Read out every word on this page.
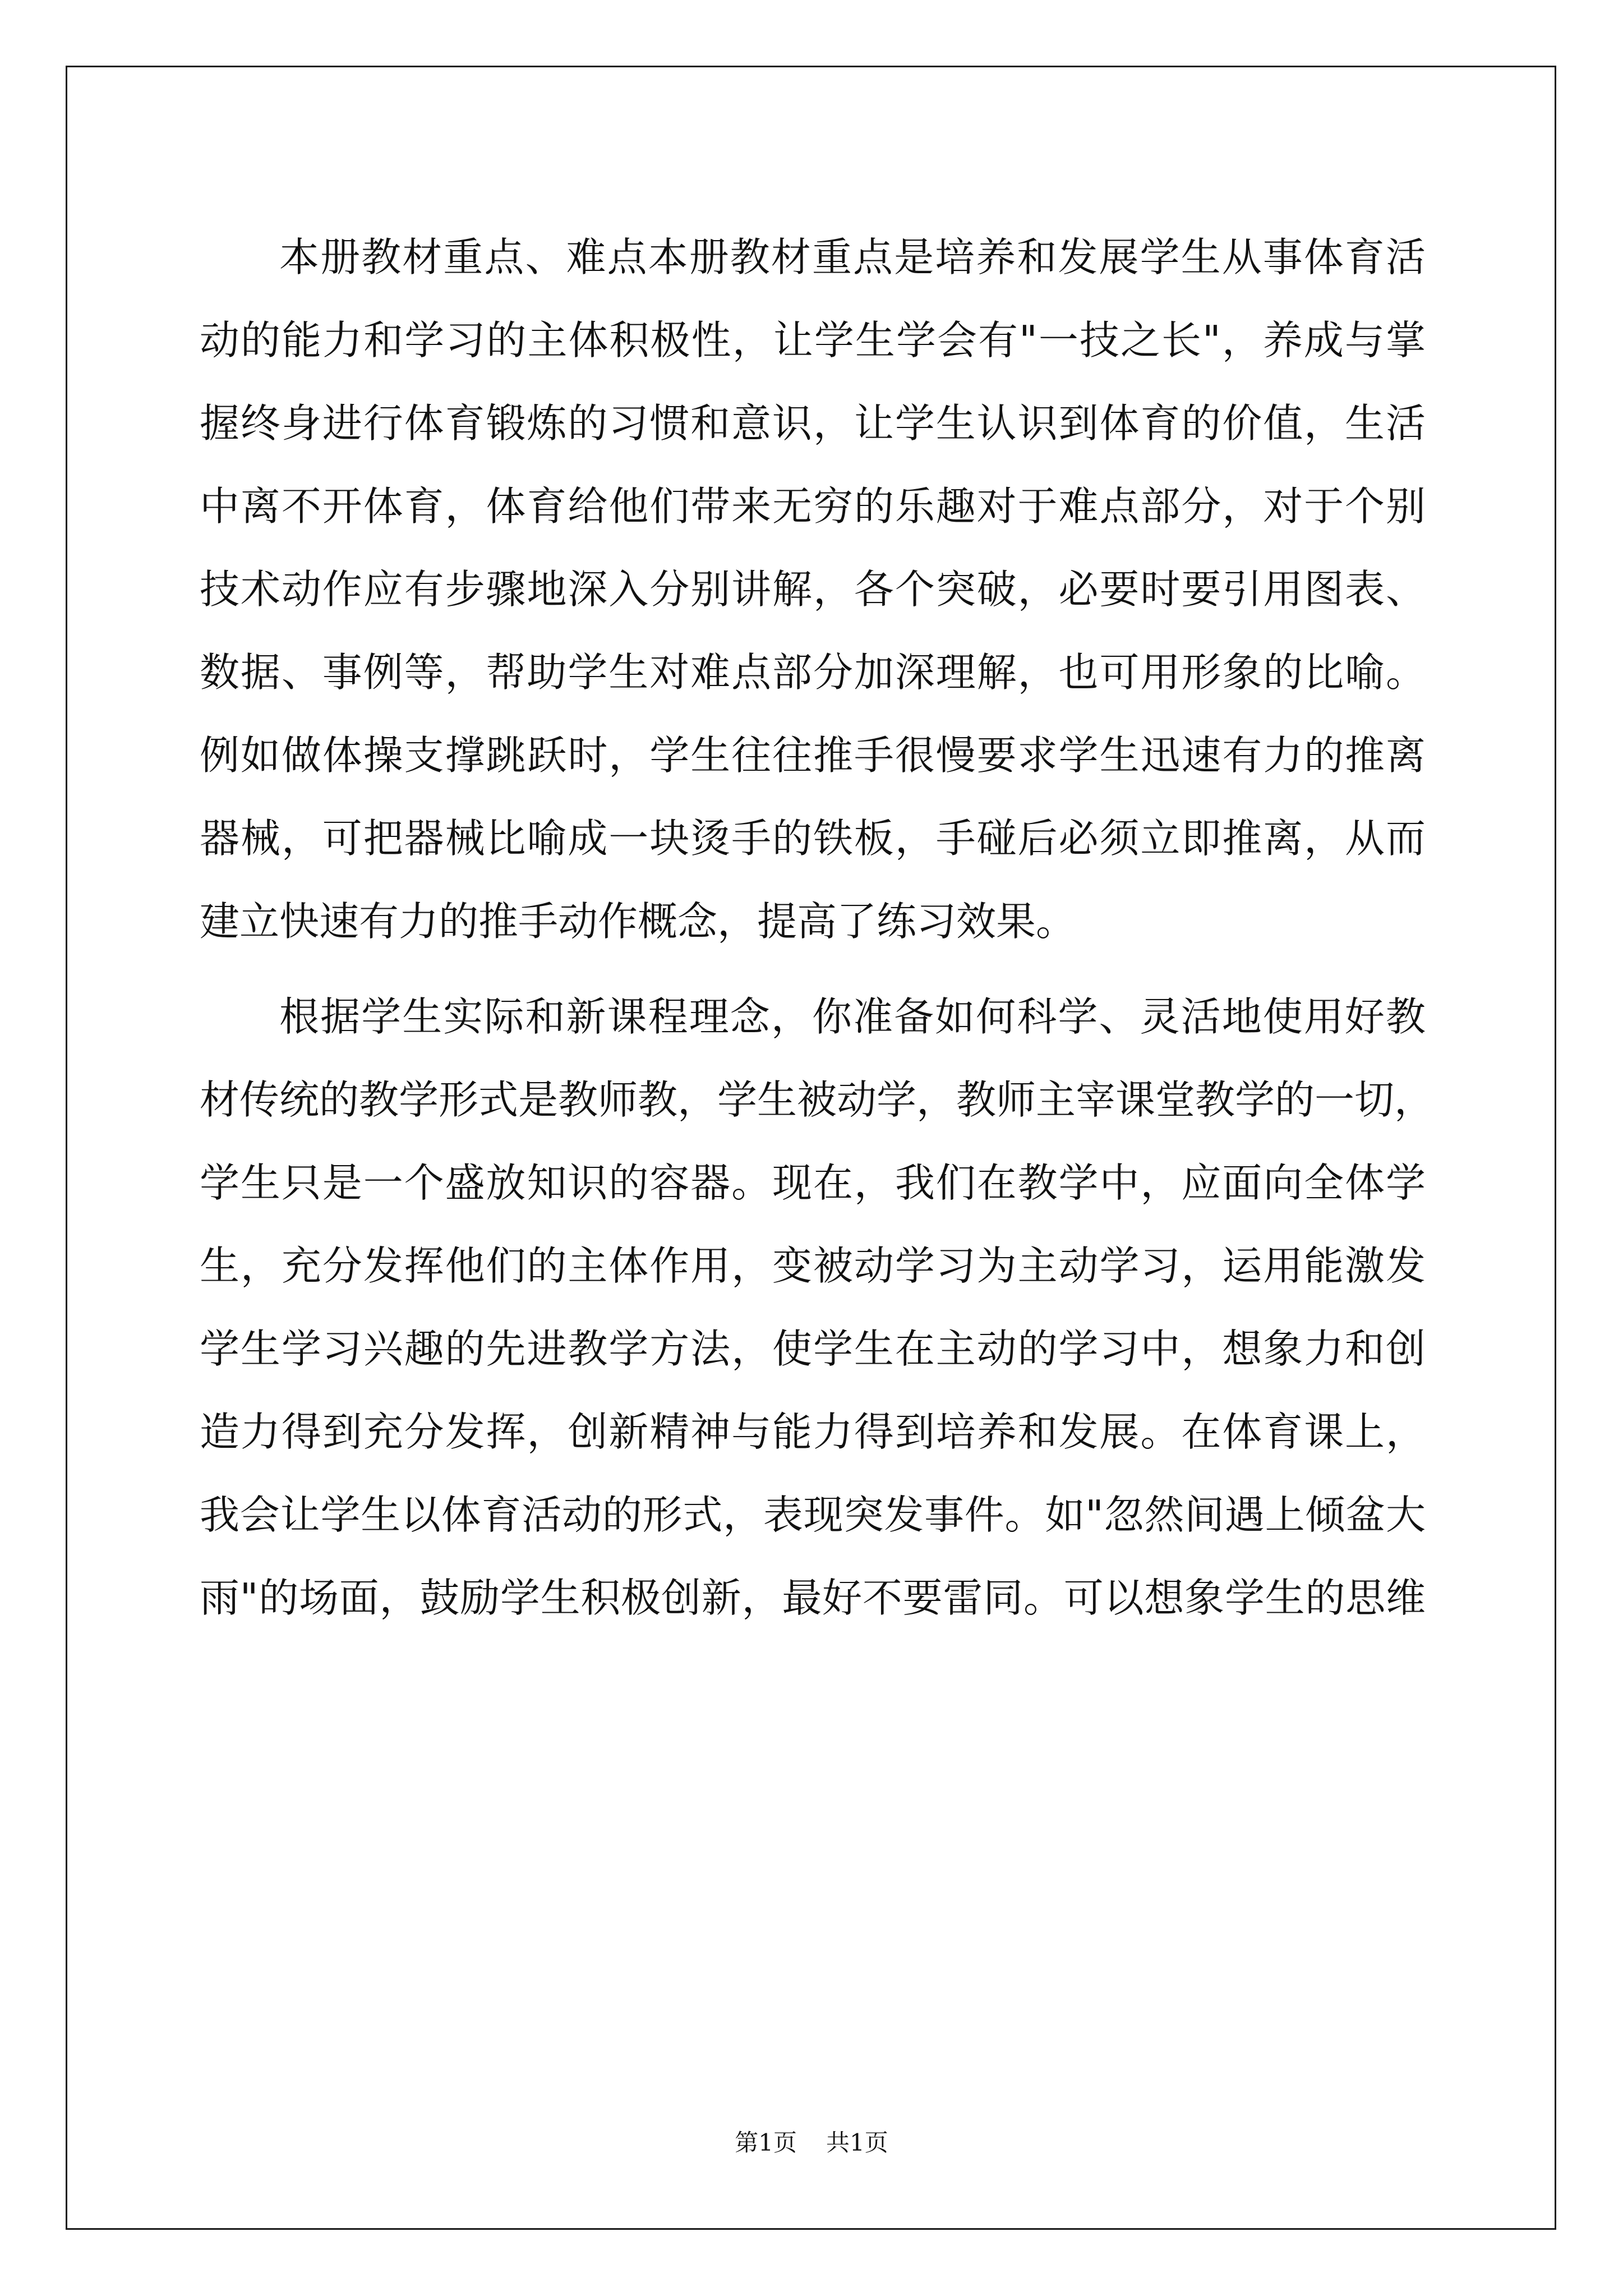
本册教材重点、难点本册教材重点是培养和发展学生从事体育活
动的能力和学习的主体积极性，让学生学会有"一技之长"，养成与掌
握终身进行体育锻炼的习惯和意识，让学生认识到体育的价值，生活
中离不开体育，体育给他们带来无穷的乐趣对于难点部分，对于个别
技术动作应有步骤地深入分别讲解，各个突破，必要时要引用图表、
数据、事例等，帮助学生对难点部分加深理解，也可用形象的比喻。
例如做体操支撑跳跃时，学生往往推手很慢要求学生迅速有力的推离
器械，可把器械比喻成一块烫手的铁板，手碰后必须立即推离，从而
建立快速有力的推手动作概念，提高了练习效果。
根据学生实际和新课程理念，你准备如何科学、灵活地使用好教
材传统的教学形式是教师教，学生被动学，教师主宰课堂教学的一切，
学生只是一个盛放知识的容器。现在，我们在教学中，应面向全体学
生，充分发挥他们的主体作用，变被动学习为主动学习，运用能激发
学生学习兴趣的先进教学方法，使学生在主动的学习中，想象力和创
造力得到充分发挥，创新精神与能力得到培养和发展。在体育课上，
我会让学生以体育活动的形式，表现突发事件。如"忽然间遇上倾盆大
雨"的场面，鼓励学生积极创新，最好不要雷同。可以想象学生的思维
第1页 共1页
